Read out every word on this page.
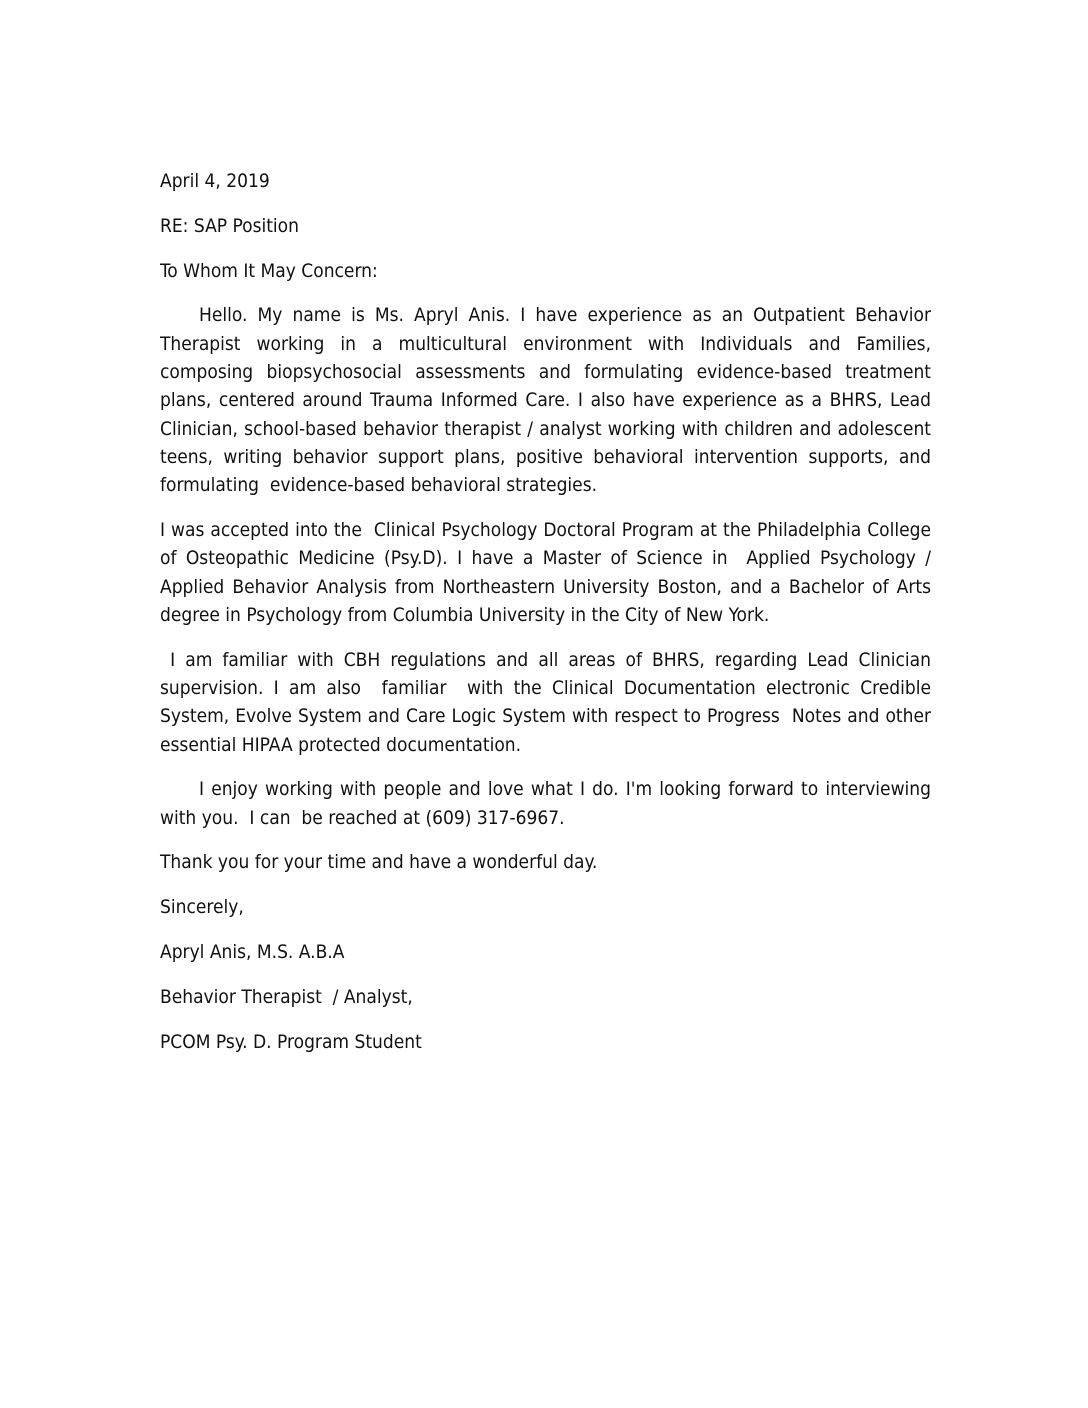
April 4, 2019

RE: SAP Position

To Whom It May Concern:

Hello. My name is Ms. Apryl Anis. I have experience as an Outpatient Behavior Therapist working in a multicultural environment with Individuals and Families, composing biopsychosocial assessments and formulating evidence-based treatment plans, centered around Trauma Informed Care. I also have experience as a BHRS, Lead Clinician, school-based behavior therapist / analyst working with children and adolescent teens, writing behavior support plans, positive behavioral intervention supports, and formulating  evidence-based behavioral strategies.

I was accepted into the  Clinical Psychology Doctoral Program at the Philadelphia College of Osteopathic Medicine (Psy.D). I have a Master of Science in  Applied Psychology / Applied Behavior Analysis from Northeastern University Boston, and a Bachelor of Arts degree in Psychology from Columbia University in the City of New York.

I am familiar with CBH regulations and all areas of BHRS, regarding Lead Clinician supervision. I am also  familiar  with the Clinical Documentation electronic Credible System, Evolve System and Care Logic System with respect to Progress  Notes and other essential HIPAA protected documentation.

I enjoy working with people and love what I do. I'm looking forward to interviewing with you.  I can  be reached at (609) 317-6967.

Thank you for your time and have a wonderful day.

Sincerely,

Apryl Anis, M.S. A.B.A

Behavior Therapist  / Analyst,

PCOM Psy. D. Program Student
